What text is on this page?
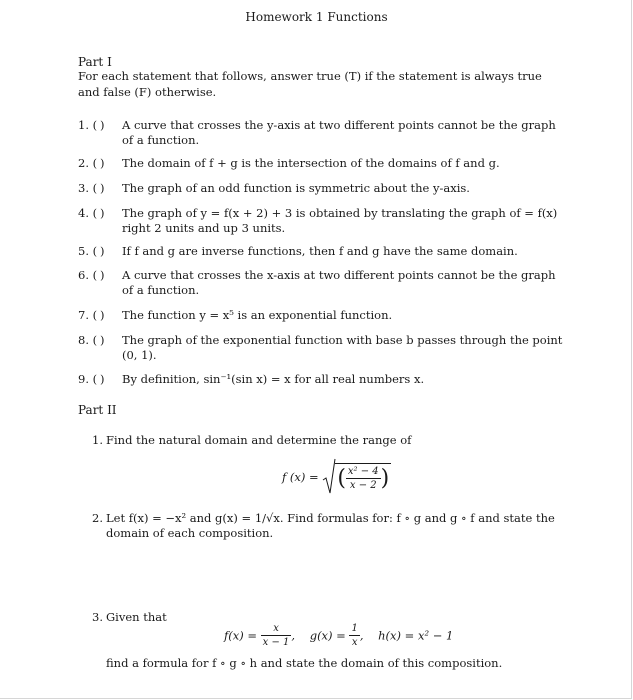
Homework 1 Functions
Part I
For each statement that follows, answer true (T) if the statement is always true and false (F) otherwise.
1. ( ) A curve that crosses the y-axis at two different points cannot be the graph of a function.
2. ( ) The domain of f + g is the intersection of the domains of f and g.
3. ( ) The graph of an odd function is symmetric about the y-axis.
4. ( ) The graph of y = f(x + 2) + 3 is obtained by translating the graph of = f(x) right 2 units and up 3 units.
5. ( ) If f and g are inverse functions, then f and g have the same domain.
6. ( ) A curve that crosses the x-axis at two different points cannot be the graph of a function.
7. ( ) The function y = x⁵ is an exponential function.
8. ( ) The graph of the exponential function with base b passes through the point (0, 1).
9. ( ) By definition, sin⁻¹(sin x) = x for all real numbers x.
Part II
1. Find the natural domain and determine the range of
f (x) = ( $\frac{\text{x² − 4}}{x - 2}$ )
2. Let f(x) = −x² and g(x) = 1/√x. Find formulas for: f ∘ g and g ∘ f and state the domain of each composition.
3. Given that
$f(x) = \frac{x}{x - 1}$ , $g(x) = \frac{1}{x}$ , h(x) = x² − 1
find a formula for f ∘ g ∘ h and state the domain of this composition.
